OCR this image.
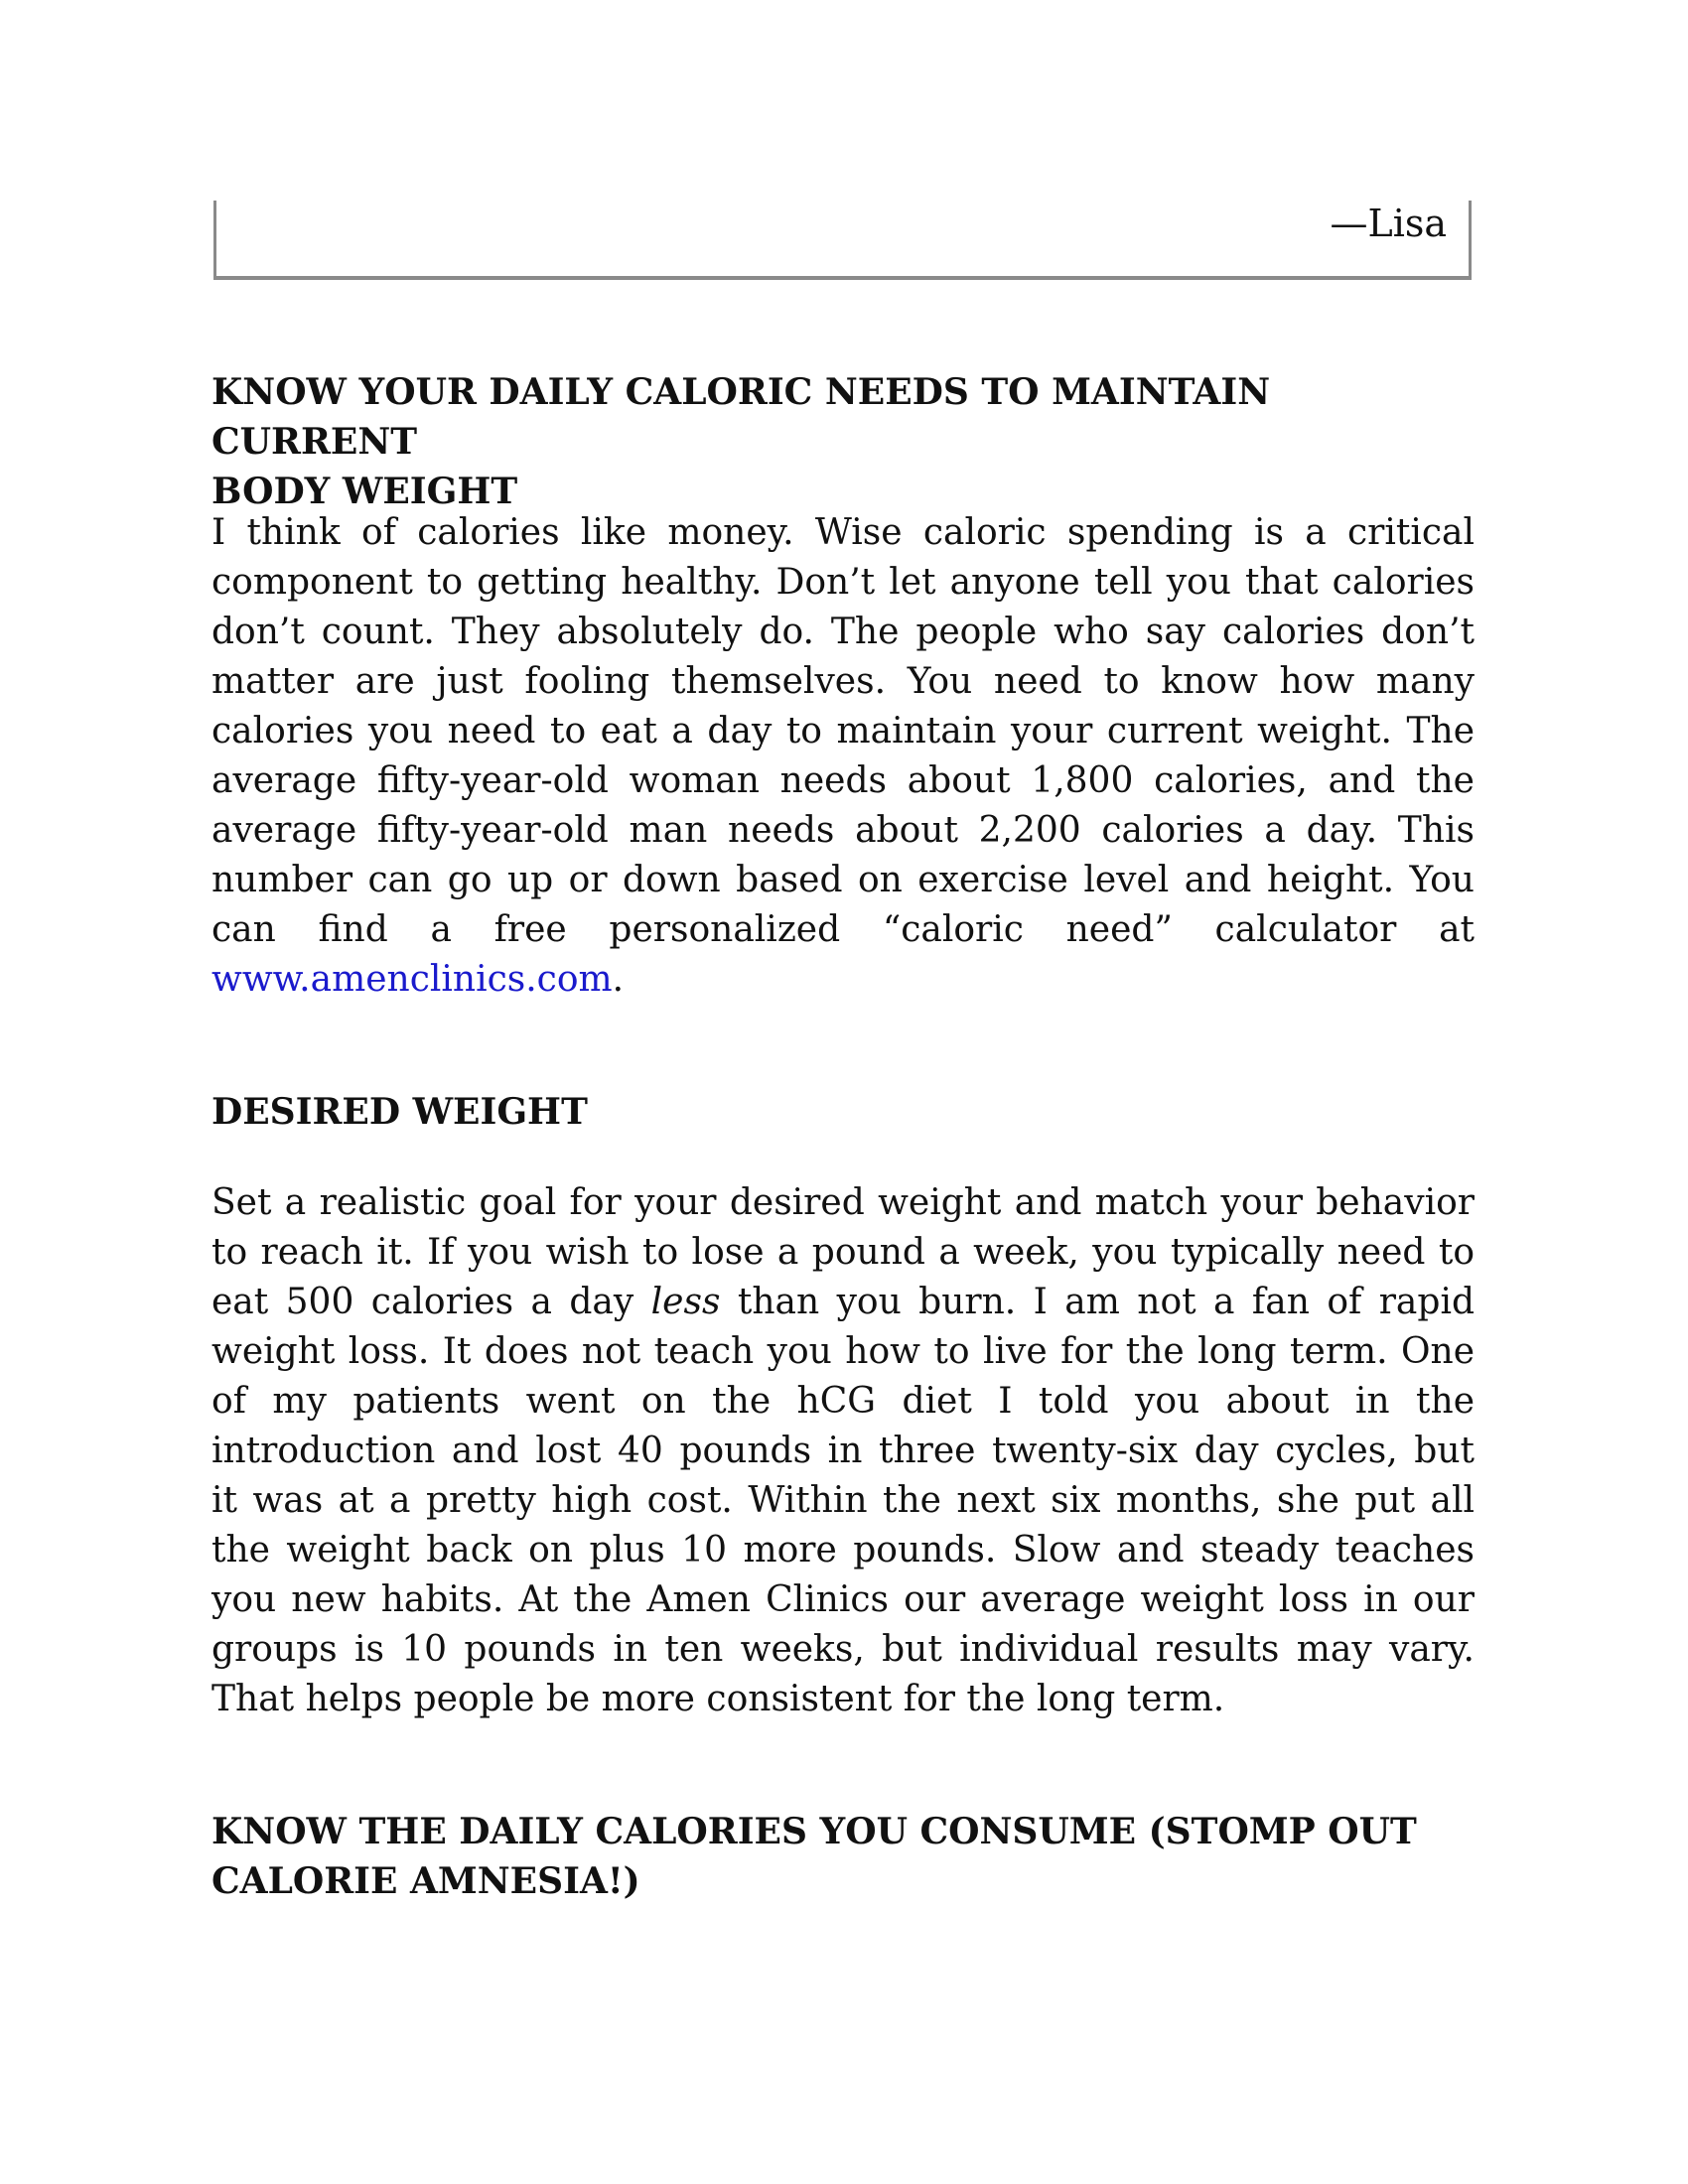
—Lisa
KNOW YOUR DAILY CALORIC NEEDS TO MAINTAIN CURRENT
BODY WEIGHT
I think of calories like money. Wise caloric spending is a critical
component to getting healthy. Don’t let anyone tell you that calories
don’t count. They absolutely do. The people who say calories don’t
matter are just fooling themselves. You need to know how many
calories you need to eat a day to maintain your current weight. The
average fifty-year-old woman needs about 1,800 calories, and the
average fifty-year-old man needs about 2,200 calories a day. This
number can go up or down based on exercise level and height. You
can find a free personalized “caloric need” calculator at
www.amenclinics.com.
DESIRED WEIGHT
Set a realistic goal for your desired weight and match your behavior
to reach it. If you wish to lose a pound a week, you typically need to
eat 500 calories a day less than you burn. I am not a fan of rapid
weight loss. It does not teach you how to live for the long term. One
of my patients went on the hCG diet I told you about in the
introduction and lost 40 pounds in three twenty-six day cycles, but
it was at a pretty high cost. Within the next six months, she put all
the weight back on plus 10 more pounds. Slow and steady teaches
you new habits. At the Amen Clinics our average weight loss in our
groups is 10 pounds in ten weeks, but individual results may vary.
That helps people be more consistent for the long term.
KNOW THE DAILY CALORIES YOU CONSUME (STOMP OUT
CALORIE AMNESIA!)
